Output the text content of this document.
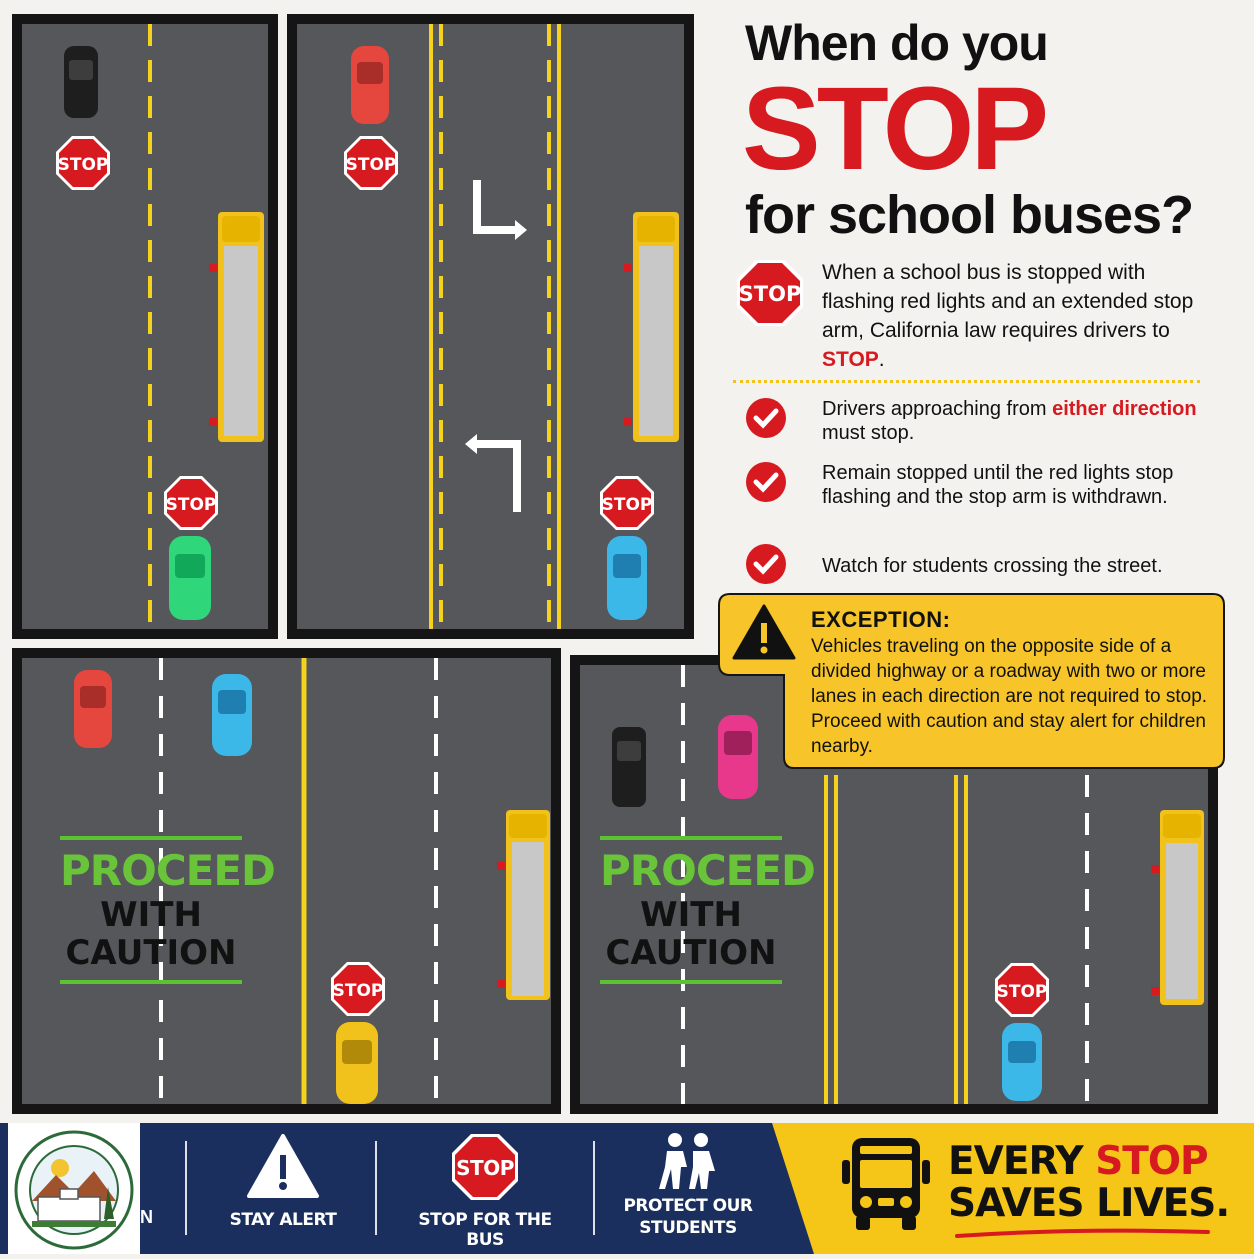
STOP
STOP
STOP
STOP
STOP
PROCEED
WITH
CAUTION
STOP
PROCEED
WITH
CAUTION
When do you
STOP
for school buses?
STOP
When a school bus is stopped with flashing red lights and an extended stop arm, California law requires drivers to STOP.
Drivers approaching from either direction must stop.
Remain stopped until the red lights stop flashing and the stop arm is withdrawn.
Watch for students crossing the street.
EXCEPTION:
Vehicles traveling on the opposite side of a divided highway or a roadway with two or more lanes in each direction are not required to stop. Proceed with caution and stay alert for children nearby.
N	STAY ALERT
STOP
STOP FOR THE BUS
PROTECT OUR
STUDENTS
EVERY STOP
SAVES LIVES.
